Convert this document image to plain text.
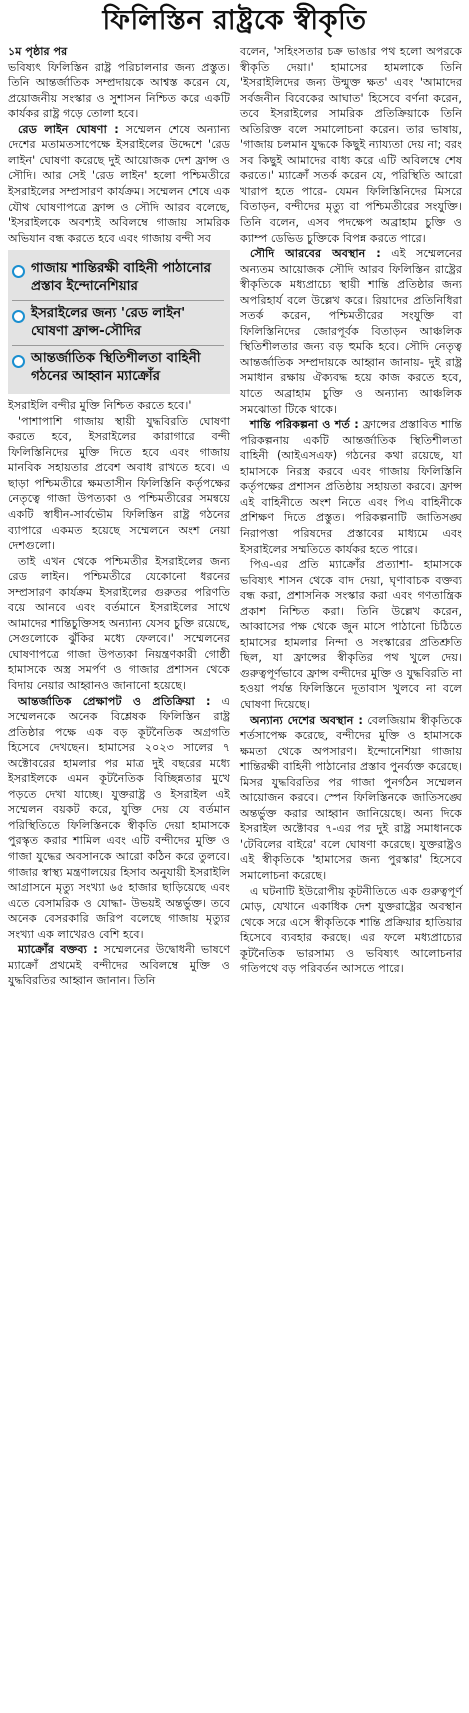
ফিলিস্তিন রাষ্ট্রকে স্বীকৃতি
১ম পৃষ্ঠার পর

ভবিষ্যৎ ফিলিস্তিন রাষ্ট্র পরিচালনার জন্য প্রস্তুত। তিনি আন্তর্জাতিক সম্প্রদায়কে আশ্বস্ত করেন যে, প্রয়োজনীয় সংস্কার ও সুশাসন নিশ্চিত করে একটি কার্যকর রাষ্ট্র গড়ে তোলা হবে।

রেড লাইন ঘোষণা : সম্মেলন শেষে অন্যান্য দেশের মতামতসাপেক্ষে ইসরাইলের উদ্দেশে 'রেড লাইন' ঘোষণা করেছে দুই আয়োজক দেশ ফ্রান্স ও সৌদি। আর সেই 'রেড লাইন' হলো পশ্চিমতীরে ইসরাইলের সম্প্রসারণ কার্যক্রম। সম্মেলন শেষে এক যৌথ ঘোষণাপত্রে ফ্রান্স ও সৌদি আরব বলেছে, 'ইসরাইলকে অবশ্যই অবিলম্বে গাজায় সামরিক অভিযান বন্ধ করতে হবে এবং গাজায় বন্দী সব

গাজায় শান্তিরক্ষী বাহিনী পাঠানোর প্রস্তাব ইন্দোনেশিয়ার
ইসরাইলের জন্য 'রেড লাইন' ঘোষণা ফ্রান্স-সৌদির
আন্তর্জাতিক স্থিতিশীলতা বাহিনী গঠনের আহ্বান ম্যাক্রোঁর

ইসরাইলি বন্দীর মুক্তি নিশ্চিত করতে হবে।'

'পাশাপাশি গাজায় স্থায়ী যুদ্ধবিরতি ঘোষণা করতে হবে, ইসরাইলের কারাগারে বন্দী ফিলিস্তিনিদের মুক্তি দিতে হবে এবং গাজায় মানবিক সহায়তার প্রবেশ অবাধ রাখতে হবে। এ ছাড়া পশ্চিমতীরে ক্ষমতাসীন ফিলিস্তিনি কর্তৃপক্ষের নেতৃত্বে গাজা উপত্যকা ও পশ্চিমতীরের সমন্বয়ে একটি স্বাধীন-সার্বভৌম ফিলিস্তিন রাষ্ট্র গঠনের ব্যাপারে একমত হয়েছে সম্মেলনে অংশ নেয়া দেশগুলো।

তাই এখন থেকে পশ্চিমতীর ইসরাইলের জন্য রেড লাইন। পশ্চিমতীরে যেকোনো ধরনের সম্প্রসারণ কার্যক্রম ইসরাইলের গুরুতর পরিণতি বয়ে আনবে এবং বর্তমানে ইসরাইলের সাথে আমাদের শান্তিচুক্তিসহ অন্যান্য যেসব চুক্তি রয়েছে, সেগুলোকে ঝুঁকির মধ্যে ফেলবে।' সম্মেলনের ঘোষণাপত্রে গাজা উপত্যকা নিয়ন্ত্রণকারী গোষ্ঠী হামাসকে অস্ত্র সমর্পণ ও গাজার প্রশাসন থেকে বিদায় নেয়ার আহ্বানও জানানো হয়েছে।

আন্তর্জাতিক প্রেক্ষাপট ও প্রতিক্রিয়া : এ সম্মেলনকে অনেক বিশ্লেষক ফিলিস্তিন রাষ্ট্র প্রতিষ্ঠার পক্ষে এক বড় কূটনৈতিক অগ্রগতি হিসেবে দেখছেন। হামাসের ২০২৩ সালের ৭ অক্টোবরের হামলার পর মাত্র দুই বছরের মধ্যে ইসরাইলকে এমন কূটনৈতিক বিচ্ছিন্নতার মুখে পড়তে দেখা যাচ্ছে। যুক্তরাষ্ট্র ও ইসরাইল এই সম্মেলন বয়কট করে, যুক্তি দেয় যে বর্তমান পরিস্থিতিতে ফিলিস্তিনকে স্বীকৃতি দেয়া হামাসকে পুরস্কৃত করার শামিল এবং এটি বন্দীদের মুক্তি ও গাজা যুদ্ধের অবসানকে আরো কঠিন করে তুলবে। গাজার স্বাস্থ্য মন্ত্রণালয়ের হিসাব অনুযায়ী ইসরাইলি আগ্রাসনে মৃত্যু সংখ্যা ৬৫ হাজার ছাড়িয়েছে এবং এতে বেসামরিক ও যোদ্ধা- উভয়ই অন্তর্ভুক্ত। তবে অনেক বেসরকারি জরিপ বলেছে গাজায় মৃত্যুর সংখ্যা এক লাখেরও বেশি হবে।

ম্যাক্রোঁর বক্তব্য : সম্মেলনের উদ্বোধনী ভাষণে ম্যাক্রোঁ প্রথমেই বন্দীদের অবিলম্বে মুক্তি ও যুদ্ধবিরতির আহ্বান জানান। তিনি

বলেন, 'সহিংসতার চক্র ভাঙার পথ হলো অপরকে স্বীকৃতি দেয়া।' হামাসের হামলাকে তিনি 'ইসরাইলিদের জন্য উন্মুক্ত ক্ষত' এবং 'আমাদের সর্বজনীন বিবেকের আঘাত' হিসেবে বর্ণনা করেন, তবে ইসরাইলের সামরিক প্রতিক্রিয়াকে তিনি অতিরিক্ত বলে সমালোচনা করেন। তার ভাষায়, 'গাজায় চলমান যুদ্ধকে কিছুই ন্যায্যতা দেয় না; বরং সব কিছুই আমাদের বাধ্য করে এটি অবিলম্বে শেষ করতে।' ম্যাক্রোঁ সতর্ক করেন যে, পরিস্থিতি আরো খারাপ হতে পারে- যেমন ফিলিস্তিনিদের মিসরে বিতাড়ন, বন্দীদের মৃত্যু বা পশ্চিমতীরের সংযুক্তি। তিনি বলেন, এসব পদক্ষেপ অব্রাহাম চুক্তি ও ক্যাম্প ডেভিড চুক্তিকে বিপন্ন করতে পারে।

সৌদি আরবের অবস্থান : এই সম্মেলনের অন্যতম আয়োজক সৌদি আরব ফিলিস্তিন রাষ্ট্রের স্বীকৃতিকে মধ্যপ্রাচ্যে স্থায়ী শান্তি প্রতিষ্ঠার জন্য অপরিহার্য বলে উল্লেখ করে। রিয়াদের প্রতিনিধিরা সতর্ক করেন, পশ্চিমতীরের সংযুক্তি বা ফিলিস্তিনিদের জোরপূর্বক বিতাড়ন আঞ্চলিক স্থিতিশীলতার জন্য বড় হুমকি হবে। সৌদি নেতৃত্ব আন্তর্জাতিক সম্প্রদায়কে আহ্বান জানায়- দুই রাষ্ট্র সমাধান রক্ষায় ঐক্যবদ্ধ হয়ে কাজ করতে হবে, যাতে অব্রাহাম চুক্তি ও অন্যান্য আঞ্চলিক সমঝোতা টিকে থাকে।

শান্তি পরিকল্পনা ও শর্ত : ফ্রান্সের প্রস্তাবিত শান্তি পরিকল্পনায় একটি আন্তর্জাতিক স্থিতিশীলতা বাহিনী (আইএসএফ) গঠনের কথা রয়েছে, যা হামাসকে নিরস্ত্র করবে এবং গাজায় ফিলিস্তিনি কর্তৃপক্ষের প্রশাসন প্রতিষ্ঠায় সহায়তা করবে। ফ্রান্স এই বাহিনীতে অংশ নিতে এবং পিএ বাহিনীকে প্রশিক্ষণ দিতে প্রস্তুত। পরিকল্পনাটি জাতিসঙ্ঘ নিরাপত্তা পরিষদের প্রস্তাবের মাধ্যমে এবং ইসরাইলের সম্মতিতে কার্যকর হতে পারে।

পিএ-এর প্রতি ম্যাক্রোঁর প্রত্যাশা- হামাসকে ভবিষ্যৎ শাসন থেকে বাদ দেয়া, ঘৃণাবাচক বক্তব্য বন্ধ করা, প্রশাসনিক সংস্কার করা এবং গণতান্ত্রিক প্রকাশ নিশ্চিত করা। তিনি উল্লেখ করেন, আব্বাসের পক্ষ থেকে জুন মাসে পাঠানো চিঠিতে হামাসের হামলার নিন্দা ও সংস্কারের প্রতিশ্রুতি ছিল, যা ফ্রান্সের স্বীকৃতির পথ খুলে দেয়। গুরুত্বপূর্ণভাবে ফ্রান্স বন্দীদের মুক্তি ও যুদ্ধবিরতি না হওয়া পর্যন্ত ফিলিস্তিনে দূতাবাস খুলবে না বলে ঘোষণা দিয়েছে।

অন্যান্য দেশের অবস্থান : বেলজিয়াম স্বীকৃতিকে শর্তসাপেক্ষ করেছে, বন্দীদের মুক্তি ও হামাসকে ক্ষমতা থেকে অপসারণ। ইন্দোনেশিয়া গাজায় শান্তিরক্ষী বাহিনী পাঠানোর প্রস্তাব পুনর্ব্যক্ত করেছে। মিসর যুদ্ধবিরতির পর গাজা পুনর্গঠন সম্মেলন আয়োজন করবে। স্পেন ফিলিস্তিনকে জাতিসঙ্ঘে অন্তর্ভুক্ত করার আহ্বান জানিয়েছে। অন্য দিকে ইসরাইল অক্টোবর ৭-এর পর দুই রাষ্ট্র সমাধানকে 'টেবিলের বাইরে' বলে ঘোষণা করেছে। যুক্তরাষ্ট্রও এই স্বীকৃতিকে 'হামাসের জন্য পুরস্কার' হিসেবে সমালোচনা করেছে।

এ ঘটনাটি ইউরোপীয় কূটনীতিতে এক গুরুত্বপূর্ণ মোড়, যেখানে একাধিক দেশ যুক্তরাষ্ট্রের অবস্থান থেকে সরে এসে স্বীকৃতিকে শান্তি প্রক্রিয়ার হাতিয়ার হিসেবে ব্যবহার করছে। এর ফলে মধ্যপ্রাচ্যের কূটনৈতিক ভারসাম্য ও ভবিষ্যৎ আলোচনার গতিপথে বড় পরিবর্তন আসতে পারে।
